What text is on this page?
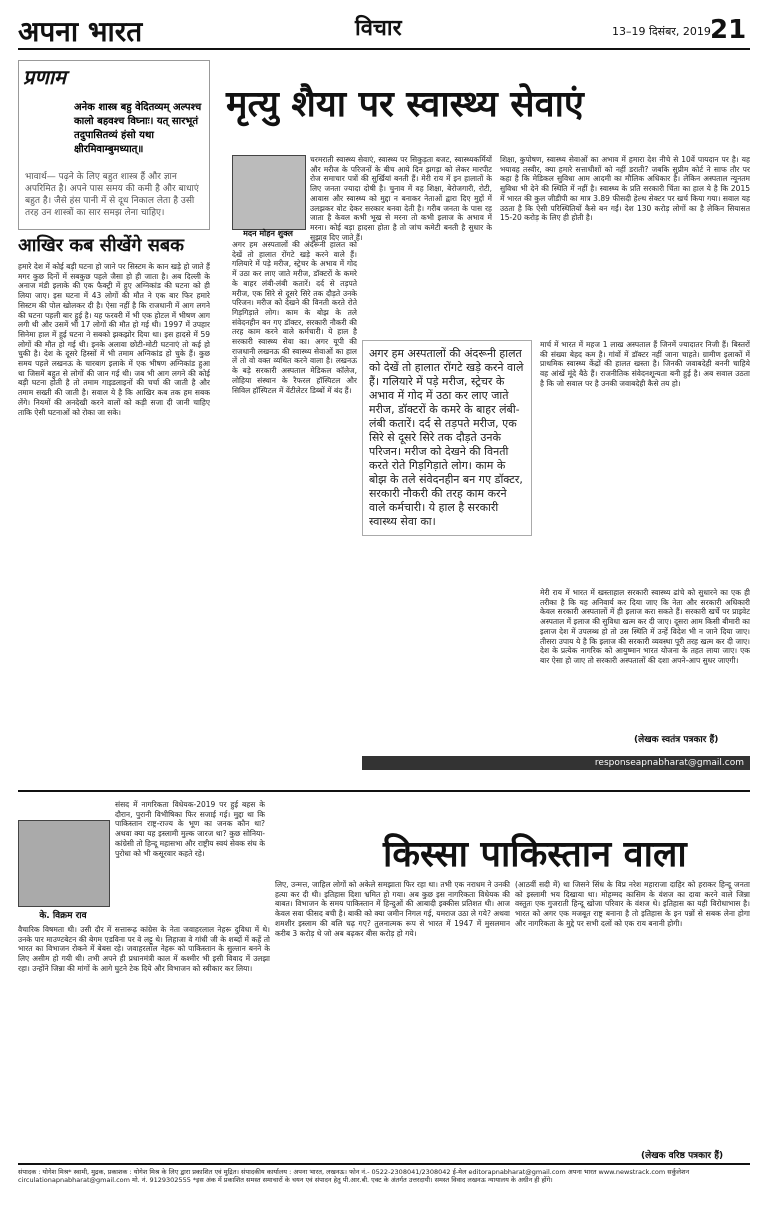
अपना भारत	विचार	13–19 दिसंबर, 2019 21
प्रणाम
अनेक शास्त्र बहु वेदितव्यम् अल्पश्च कालो बहवश्च विघ्नाः। यत् सारभूतं तदुपासितव्यं हंसो यथा क्षीरमिवाम्बुमध्यात्॥
भावार्थ— पढ़ने के लिए बहुत शास्त्र हैं और ज्ञान अपरिमित है। अपने पास समय की कमी है और बाधाएं बहुत है। जैसे हंस पानी में से दूध निकाल लेता है उसी तरह उन शास्त्रों का सार समझ लेना चाहिए।
आखिर कब सीखेंगे सबक
हमारे देश में कोई बड़ी घटना हो जाने पर सिस्टम के कान खड़े हो जाते हैं मगर कुछ दिनों में सबकुछ पहले जैसा हो ही जाता है। अब दिल्ली के अनाज मंडी इलाके की एक फैक्ट्री में हुए अग्निकांड की घटना को ही लिया जाए। इस घटना में 43 लोगों की मौत ने एक बार फिर हमारे सिस्टम की पोल खोलकर दी है। ऐसा नहीं है कि राजधानी में आग लगने की घटना पहली बार हुई है। यह फरवरी में भी एक होटल में भीषण आग लगी थी और उसमें भी 17 लोगों की मौत हो गई थी। 1997 में उपहार सिनेमा हाल में हुई घटना ने सबको झकझोर दिया था। इस हादसे में 59 लोगों की मौत हो गई थी। इनके अलावा छोटी-मोटी घटनाएं तो कई हो चुकी है। देश के दूसरे हिस्सों में भी तमाम अग्निकांड हो चुके हैं। कुछ समय पहले लखनऊ के चारबाग इलाके में एक भीषण अग्निकांड हुआ था जिसमें बहुत से लोगों की जान गई थी। जब भी आग लगने की कोई बड़ी घटना होती है तो तमाम गाइडलाइनों की चर्चा की जाती है और तमाम सख्ती की जाती है। सवाल ये है कि आखिर कब तक हम सबक लेंगे। नियमों की अनदेखी करने वालों को कड़ी सजा दी जानी चाहिए ताकि ऐसी घटनाओं को रोका जा सके।
मृत्यु शैया पर स्वास्थ्य सेवाएं
मदन मोहन शुक्ल
चरमराती स्वास्थ्य सेवाएं, स्वास्थ्य पर सिकुड़ता बजट, स्वास्थ्यकर्मियों और मरीज के परिजनों के बीच आये दिन झगड़ा को लेकर मारपीट रोज समाचार पत्रों की सुर्खियां बनती हैं। मेरी राय में इन हालातों के लिए जनता ज्यादा दोषी है। चुनाव में वह शिक्षा, बेरोजगारी, रोटी, आवास और स्वास्थ्य को मुद्दा न बनाकर नेताओं द्वारा दिए मुद्दों में उलझकर वोट देकर सरकार बनवा देती है। गरीब जनता के पास रह जाता है केवल कभी भूख से मरना तो कभी इलाज के अभाव में मरना। कोई बड़ा हादसा होता है तो जांच कमेटी बनती है सुधार के सुझाव दिए जाते हैं।
अगर हम अस्पतालों की अंदरूनी हालत को देखें तो हालात रोंगटे खड़े करने वाले हैं। गलियारे में पड़े मरीज, स्ट्रेचर के अभाव में गोद में उठा कर लाए जाते मरीज, डॉक्टरों के कमरे के बाहर लंबी-लंबी कतारें। दर्द से तड़पते मरीज, एक सिरे से दूसरे सिरे तक दौड़ते उनके परिजन। मरीज को देखने की विनती करते रोते गिड़गिड़ाते लोग। काम के बोझ के तले संवेदनहीन बन गए डॉक्टर, सरकारी नौकरी की तरह काम करने वाले कर्मचारी। ये हाल है सरकारी स्वास्थ्य सेवा का। अगर यूपी की राजधानी लखनऊ की स्वास्थ्य सेवाओं का हाल लें तो वो वक्त व्यथित करने वाला है। लखनऊ के बड़े सरकारी अस्पताल मेडिकल कॉलेज, लोहिया संस्थान के रैफरल हॉस्पिटल और सिविल हॉस्पिटल में वेंटीलेटर डिब्बों में बंद हैं।
अगर हम अस्पतालों की अंदरूनी हालत को देखें तो हालात रोंगटे खड़े करने वाले हैं। गलियारे में पड़े मरीज, स्ट्रेचर के अभाव में गोद में उठा कर लाए जाते मरीज, डॉक्टरों के कमरे के बाहर लंबी-लंबी कतारें। दर्द से तड़पते मरीज, एक सिरे से दूसरे सिरे तक दौड़ते उनके परिजन। मरीज को देखने की विनती करते रोते गिड़गिड़ाते लोग। काम के बोझ के तले संवेदनहीन बन गए डॉक्टर, सरकारी नौकरी की तरह काम करने वाले कर्मचारी। ये हाल है सरकारी स्वास्थ्य सेवा का।
शिक्षा, कुपोषण, स्वास्थ्य सेवाओं का अभाव में हमारा देश नीचे से 10वें पायदान पर है। यह भयावह तस्वीर, क्या हमारे सत्ताधीशों को नहीं डराती? जबकि सुप्रीम कोर्ट ने साफ तौर पर कहा है कि मेडिकल सुविधा आम आदमी का मौलिक अधिकार है। लेकिन अस्पताल न्यूनतम सुविधा भी देने की स्थिति में नहीं है। स्वास्थ्य के प्रति सरकारी चिंता का हाल ये है कि 2015 में भारत की कुल जीडीपी का मात्र 3.89 फीसदी हेल्थ सेक्टर पर खर्च किया गया। सवाल यह उठता है कि ऐसी परिस्थितियों कैसे बन गईं। देश 130 करोड़ लोगों का है लेकिन सियासत 15-20 करोड़ के लिए ही होती है।
मार्च में भारत में महज 1 लाख अस्पताल हैं जिनमें ज्यादातर निजी हैं। बिस्तरों की संख्या बेहद कम है। गांवों में डॉक्टर नहीं जाना चाहते। ग्रामीण इलाकों में प्राथमिक स्वास्थ्य केंद्रों की हालत खस्ता है। जिनकी जवाबदेही बननी चाहिये वह आंखें मूंदे बैठे हैं। राजनीतिक संवेदनशून्यता बनी हुई है। अब सवाल उठता है कि जो सवाल पर है उनकी जवाबदेही कैसे तय हो।
मेरी राय में भारत में खस्ताहाल सरकारी स्वास्थ्य ढांचे को सुधारने का एक ही तरीका है कि यह अनिवार्य कर दिया जाए कि नेता और सरकारी अधिकारी केवल सरकारी अस्पतालों में ही इलाज करा सकते हैं। सरकारी खर्चे पर प्राइवेट अस्पताल में इलाज की सुविधा खत्म कर दी जाए। दूसरा आम किसी बीमारी का इलाज देश में उपलब्ध हो तो उस स्थिति में उन्हें विदेश भी न जाने दिया जाए। तीसरा उपाय ये है कि इलाज की सरकारी व्यवस्था पूरी तरह खत्म कर दी जाए। देश के प्रत्येक नागरिक को आयुष्मान भारत योजना के तहत लाया जाए। एक बार ऐसा हो जाए तो सरकारी अस्पतालों की दशा अपने-आप सुधर जाएगी।
(लेखक स्वतंत्र पत्रकार हैं)
responseapnabharat@gmail.com
के. विक्रम राव
किस्सा पाकिस्तान वाला
संसद में नागरिकता विधेयक-2019 पर हुई बहस के दौरान, पुरानी विभीषिका फिर सजाई गई। मुद्दा था कि पाकिस्तान राष्ट्र-राज्य के भूण का जनक कौन था? अथवा क्या यह इस्लामी मुल्क जारज था? कुछ सोनिया-कांग्रेसी तो हिन्दू महासभा और राष्ट्रीय स्वयं सेवक संघ के पुरोधा को भी कसूरवार कहते रहे।
वैचारिक विषमता थी। उसी दौर में सत्तारूढ़ कांग्रेस के नेता जवाहरलाल नेहरू दुविधा में थे। उनके पार माउण्टबेटन की बेगम एडविना पर वे लट्टू थे। लिहाजा वे गांधी जी के शब्दों में कहें तो भारत का विभाजन रोकने में बेबस रहे। जवाहरलाल नेहरू को पाकिस्तान के सुल्तान बनने के लिए असीम हो गयी थी। तभी अपने ही प्रधानमंत्री काल में कश्मीर भी इसी विवाद में उलझा रहा। उन्होंने जिन्ना की मांगों के आगे घुटने टेक दिये और विभाजन को स्वीकार कर लिया।
लिए, उन्मत्त, जाहिल लोगों को अकेले समझाता फिर रहा था। तभी एक नराधम ने उनकी हत्या कर दी थी। इतिहास दिशा भ्रमित हो गया। अब कुछ इस नागरिकता विधेयक की बाबत। विभाजन के समय पाकिस्तान में हिन्दुओं की आबादी इक्कीस प्रतिशत थी। आज केवल सवा फीसद बची है। बाकी को क्या जमीन निगल गई, यमराज उठा ले गये? अथवा शमशीर इस्लाम की बलि चढ़ गए? तुलनात्मक रूप से भारत में 1947 में मुसलमान करीब 3 करोड़ थे जो अब बढ़कर बीस करोड़ हो गये।
(आठवीं सदी में) था जिसने सिंध के विप्र नरेश महाराजा दाहिर को हराकर हिन्दू जनता को इस्लामी भय दिखाया था। मोहम्मद कासिम के वंशज का दावा करने वाले जिन्ना वस्तुतः एक गुजराती हिन्दू खोजा परिवार के वंशज थे। इतिहास का यही विरोधाभास है। भारत को अगर एक मजबूत राष्ट्र बनाना है तो इतिहास के इन पन्नों से सबक लेना होगा और नागरिकता के मुद्दे पर सभी दलों को एक राय बनानी होगी।
(लेखक वरिष्ठ पत्रकार हैं)
संपादक : योगेश मिश्र* स्वामी, मुद्रक, प्रकाशक : योगेश मिश्र के लिए द्वारा प्रकाशित एवं मुद्रित। संपादकीय कार्यालय : अपना भारत, लखनऊ। फोन नं.- 0522-2308041/2308042 ई-मेल editorapnabharat@gmail.com अपना भारत www.newstrack.com सर्कुलेशन circulationapnabharat@gmail.com मो. नं. 9129302555 *इस अंक में प्रकाशित समस्त समाचारों के चयन एवं संपादन हेतु पी.आर.बी. एक्ट के अंतर्गत उत्तरदायी। समस्त विवाद लखनऊ न्यायालय के अधीन ही होंगे।
